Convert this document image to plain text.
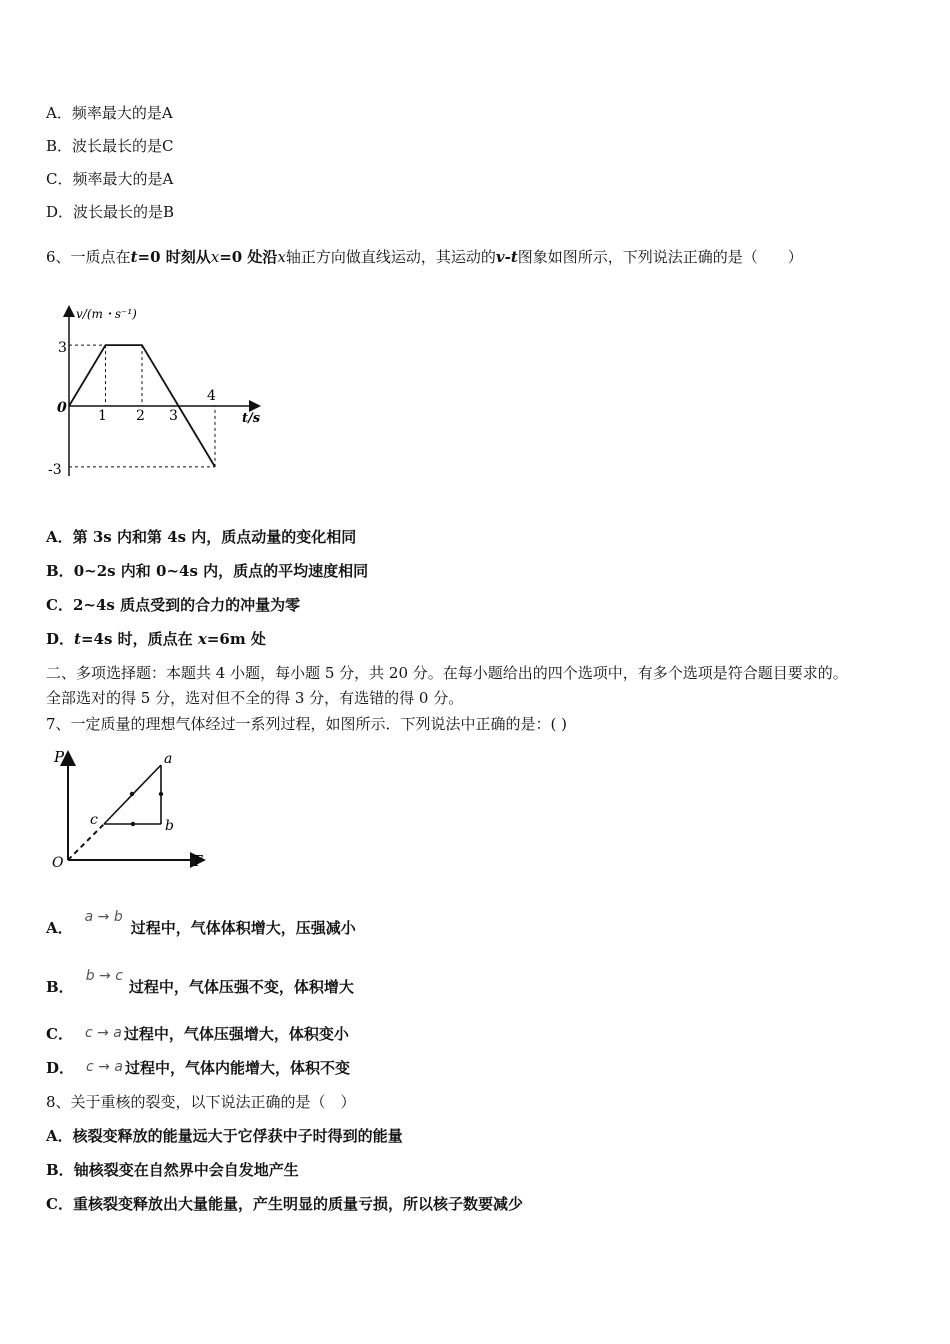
A．频率最大的是A
B．波长最长的是C
C．频率最大的是A
D．波长最长的是B
6、一质点在t=0 时刻从x=0 处沿x轴正方向做直线运动，其运动的v-t图象如图所示，下列说法正确的是（　　）
v/(m・s⁻¹)
t/s
0
3
-3
1 2 3
4
A．第 3s 内和第 4s 内，质点动量的变化相同
B．0~2s 内和 0~4s 内，质点的平均速度相同
C．2~4s 质点受到的合力的冲量为零
D．t=4s 时，质点在 x=6m 处
二、多项选择题：本题共 4 小题，每小题 5 分，共 20 分。在每小题给出的四个选项中，有多个选项是符合题目要求的。
全部选对的得 5 分，选对但不全的得 3 分，有选错的得 0 分。
7、一定质量的理想气体经过一系列过程，如图所示．下列说法中正确的是：( )
P
T
O
a
b
c
A．a → b过程中，气体体积增大，压强减小
B．b → c过程中，气体压强不变，体积增大
C． c → a 过程中，气体压强增大，体积变小
D． c → a 过程中，气体内能增大，体积不变
8、关于重核的裂变，以下说法正确的是（　）
A．核裂变释放的能量远大于它俘获中子时得到的能量
B．铀核裂变在自然界中会自发地产生
C．重核裂变释放出大量能量，产生明显的质量亏损，所以核子数要减少
